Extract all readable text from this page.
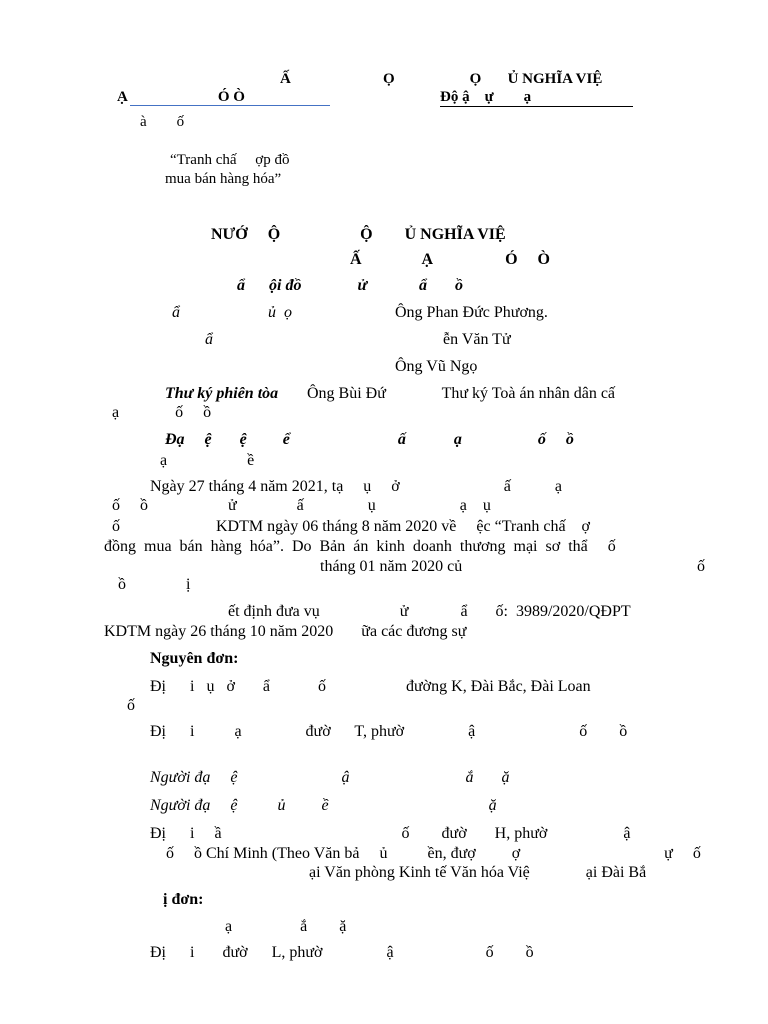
Ấ	Ọ                    Ọ       Ủ NGHĨA VIỆ
Ạ                        Ó Ò	Độ ậ    ự        ạ
à        ố
“Tranh chấ     ợp đồ
mua bán hàng hóa”
NƯỚ     Ộ                    Ộ        Ủ NGHĨA VIỆ
Ấ               Ạ                  Ó     Ò
ẩ      ội đồ              ử             ẩ       ồ
ẩ                      ủ  ọ	Ông Phan Đức Phương.
ẩ	ễn Văn Tử
Ông Vũ Ngọ
Thư ký phiên tòa Ông Bùi Đứ              Thư ký Toà án nhân dân cấ
ạ              ố     ồ
Đạ     ệ       ệ         ể                           ấ            ạ                   ố     ồ
ạ                    ề
Ngày 27 tháng 4 năm 2021, tạ     ụ     ở                          ấ           ạ
ố     ồ                    ử               ấ                ụ                     ạ    ụ
ố                        KDTM ngày 06 tháng 8 năm 2020 về     ệc “Tranh chấ    ợ
đồng  mua  bán  hàng  hóa”.  Do  Bản  án  kinh  doanh  thương  mại  sơ  thẩ     ố
tháng 01 năm 2020 củ	ố
ồ               ị
ết định đưa vụ                    ử             ẩ       ố:  3989/2020/QĐPT
KDTM ngày 26 tháng 10 năm 2020       ữa các đương sự
Nguyên đơn:
Đị      i   ụ   ở       ẩ            ố                    đường K, Đài Bắc, Đài Loan
ố
Đị      i          ạ                đườ      T, phườ                ậ                          ố        ồ
Người đạ     ệ                          ậ                             ắ       ặ
Người đạ     ệ          ủ         ề                                        ặ
Đị      i     ầ                                             ố        đườ       H, phườ                   ậ
ố     ồ Chí Minh (Theo Văn bả     ủ          ền, đượ         ợ                                    ự     ố
ại Văn phòng Kinh tế Văn hóa Việ              ại Đài Bắ
ị đơn:
ạ                 ắ        ặ
Đị      i       đườ      L, phườ                ậ                       ố        ồ
